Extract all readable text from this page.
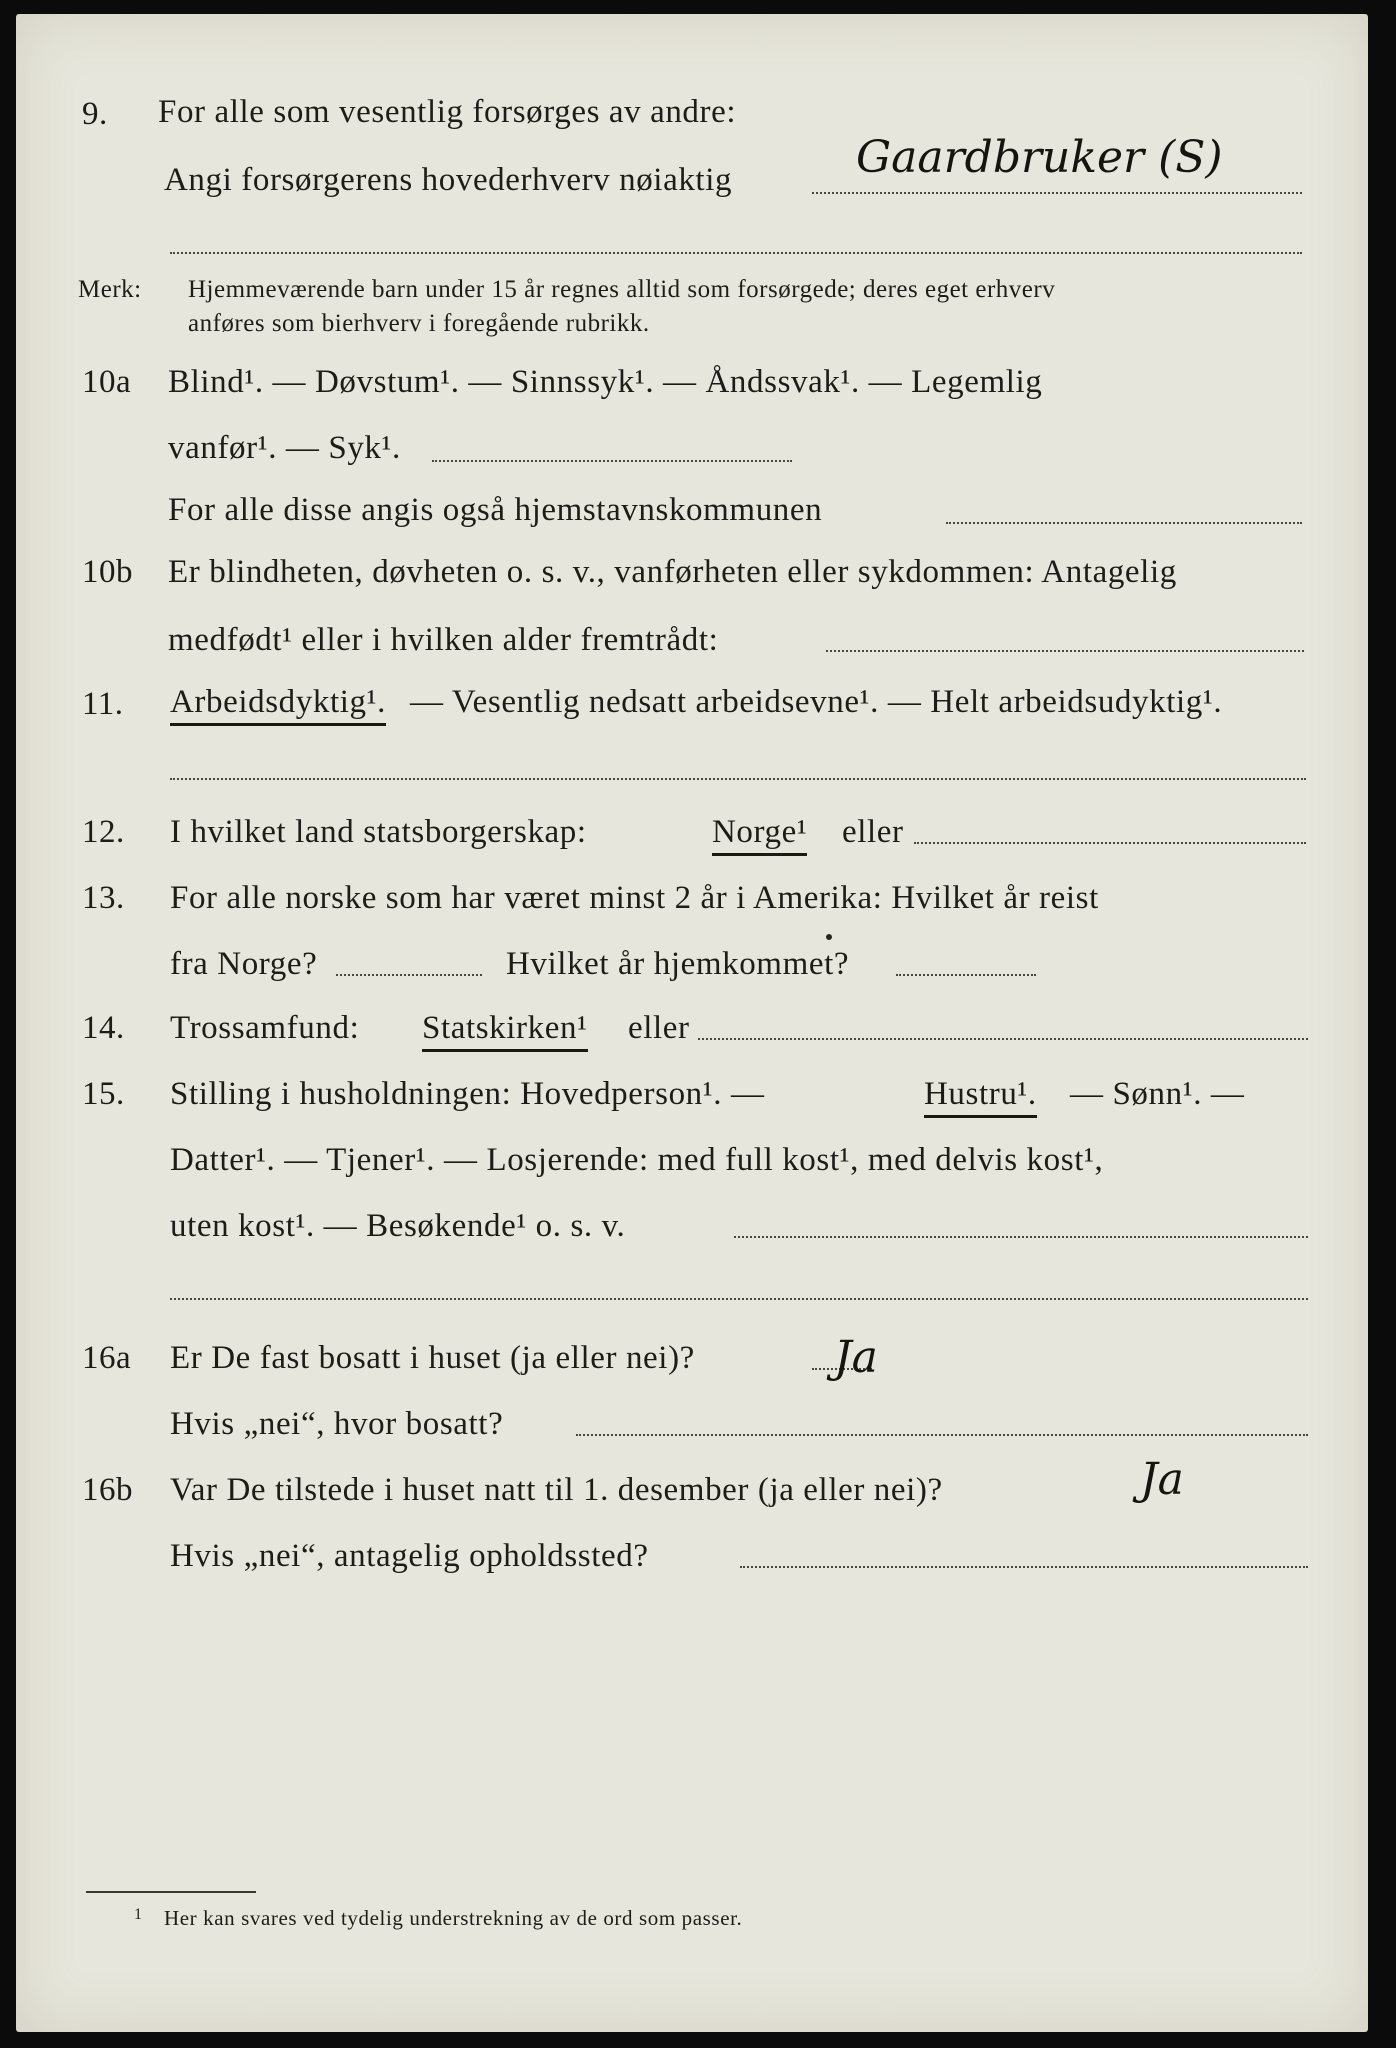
9. For alle som vesentlig forsørges av andre:
Gaardbruker (S)
Angi forsørgerens hovederhverv nøiaktig
Merk: Hjemmeværende barn under 15 år regnes alltid som forsørgede; deres eget erhverv
anføres som bierhverv i foregående rubrikk.
10a Blind¹. — Døvstum¹. — Sinnssyk¹. — Åndssvak¹. — Legemlig
vanfør¹. — Syk¹.
For alle disse angis også hjemstavnskommunen
10b Er blindheten, døvheten o. s. v., vanførheten eller sykdommen: Antagelig
medfødt¹ eller i hvilken alder fremtrådt:
11. Arbeidsdyktig¹. — Vesentlig nedsatt arbeidsevne¹. — Helt arbeidsudyktig¹.
12. I hvilket land statsborgerskap:	Norge¹ eller
13. For alle norske som har været minst 2 år i Amerika: Hvilket år reist
fra Norge?	Hvilket år hjemkommet?
14. Trossamfund: Statskirken¹ eller
15. Stilling i husholdningen: Hovedperson¹. —	Hustru¹. — Sønn¹. —
Datter¹. — Tjener¹. — Losjerende: med full kost¹, med delvis kost¹,
uten kost¹. — Besøkende¹ o. s. v.
16a Er De fast bosatt i huset (ja eller nei)?	Ja
Hvis „nei“, hvor bosatt?
16b Var De tilstede i huset natt til 1. desember (ja eller nei)?	Ja
Hvis „nei“, antagelig opholdssted?
1 Her kan svares ved tydelig understrekning av de ord som passer.
